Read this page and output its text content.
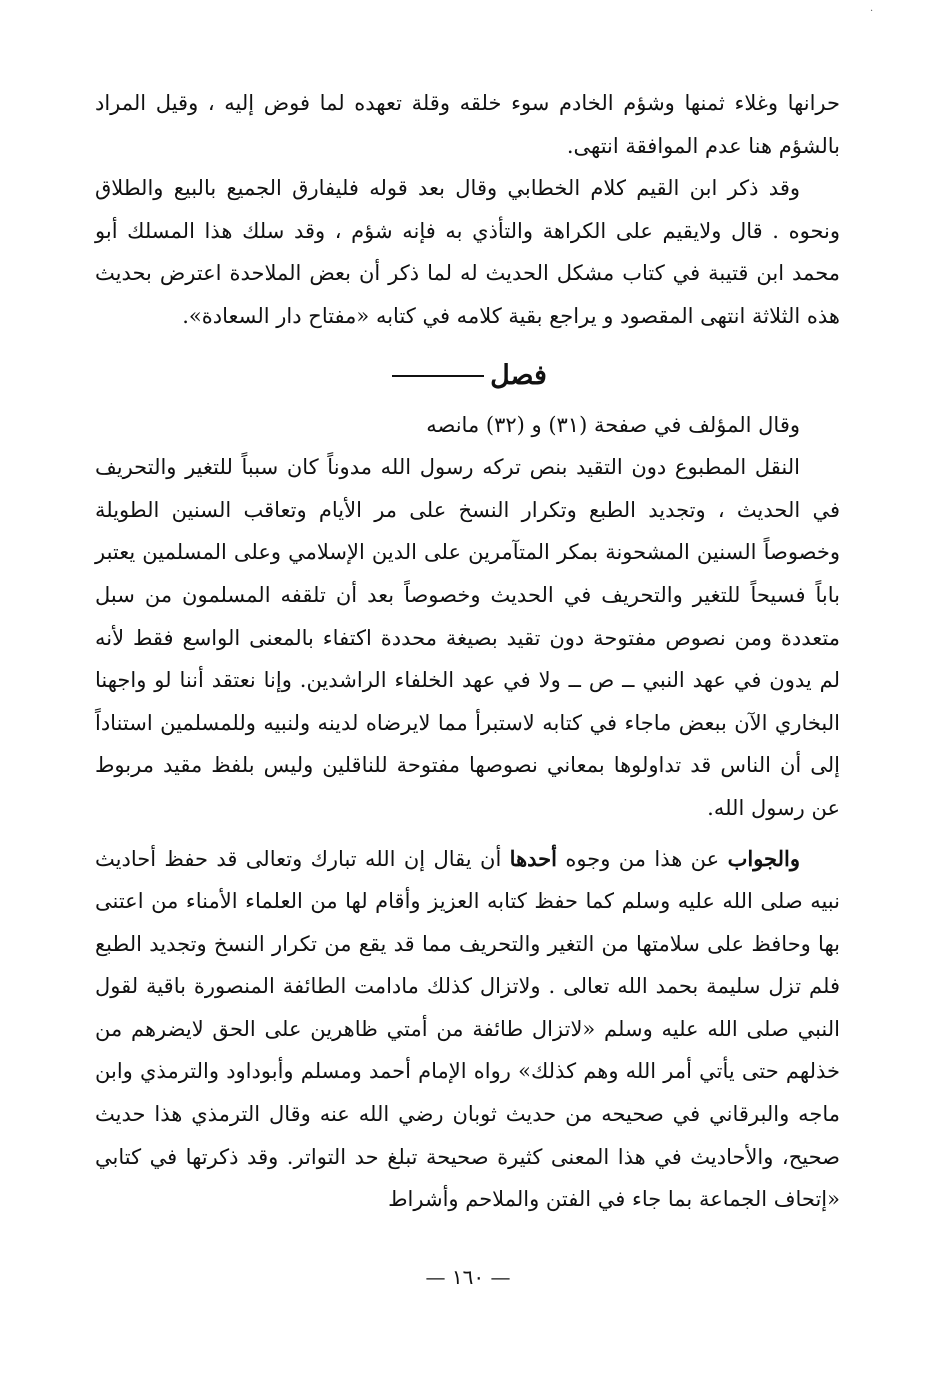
·

حرانها وغلاء ثمنها وشؤم الخادم سوء خلقه وقلة تعهده لما فوض إليه ، وقيل المراد بالشؤم هنا عدم الموافقة انتهى.

وقد ذكر ابن القيم كلام الخطابي وقال بعد قوله فليفارق الجميع بالبيع والطلاق ونحوه . قال ولايقيم على الكراهة والتأذي به فإنه شؤم ، وقد سلك هذا المسلك أبو محمد ابن قتيبة في كتاب مشكل الحديث له لما ذكر أن بعض الملاحدة اعترض بحديث هذه الثلاثة انتهى المقصود و يراجع بقية كلامه في كتابه «مفتاح دار السعادة».

فصل

وقال المؤلف في صفحة (٣١) و (٣٢) مانصه

النقل المطبوع دون التقيد بنص تركه رسول الله مدوناً كان سبباً للتغير والتحريف في الحديث ، وتجديد الطبع وتكرار النسخ على مر الأيام وتعاقب السنين الطويلة وخصوصاً السنين المشحونة بمكر المتآمرين على الدين الإسلامي وعلى المسلمين يعتبر باباً فسيحاً للتغير والتحريف في الحديث وخصوصاً بعد أن تلقفه المسلمون من سبل متعددة ومن نصوص مفتوحة دون تقيد بصيغة محددة اكتفاء بالمعنى الواسع فقط لأنه لم يدون في عهد النبي ــ ص ــ ولا في عهد الخلفاء الراشدين. وإنا نعتقد أننا لو واجهنا البخاري الآن ببعض ماجاء في كتابه لاستبرأ مما لايرضاه لدينه ولنبيه وللمسلمين استناداً إلى أن الناس قد تداولوها بمعاني نصوصها مفتوحة للناقلين وليس بلفظ مقيد مربوط عن رسول الله.

والجواب عن هذا من وجوه أحدها أن يقال إن الله تبارك وتعالى قد حفظ أحاديث نبيه صلى الله عليه وسلم كما حفظ كتابه العزيز وأقام لها من العلماء الأمناء من اعتنى بها وحافظ على سلامتها من التغير والتحريف مما قد يقع من تكرار النسخ وتجديد الطبع فلم تزل سليمة بحمد الله تعالى . ولاتزال كذلك مادامت الطائفة المنصورة باقية لقول النبي صلى الله عليه وسلم «لاتزال طائفة من أمتي ظاهرين على الحق لايضرهم من خذلهم حتى يأتي أمر الله وهم كذلك» رواه الإمام أحمد ومسلم وأبوداود والترمذي وابن ماجه والبرقاني في صحيحه من حديث ثوبان رضي الله عنه وقال الترمذي هذا حديث صحيح، والأحاديث في هذا المعنى كثيرة صحيحة تبلغ حد التواتر. وقد ذكرتها في كتابي «إتحاف الجماعة بما جاء في الفتن والملاحم وأشراط

— ١٦٠ —
